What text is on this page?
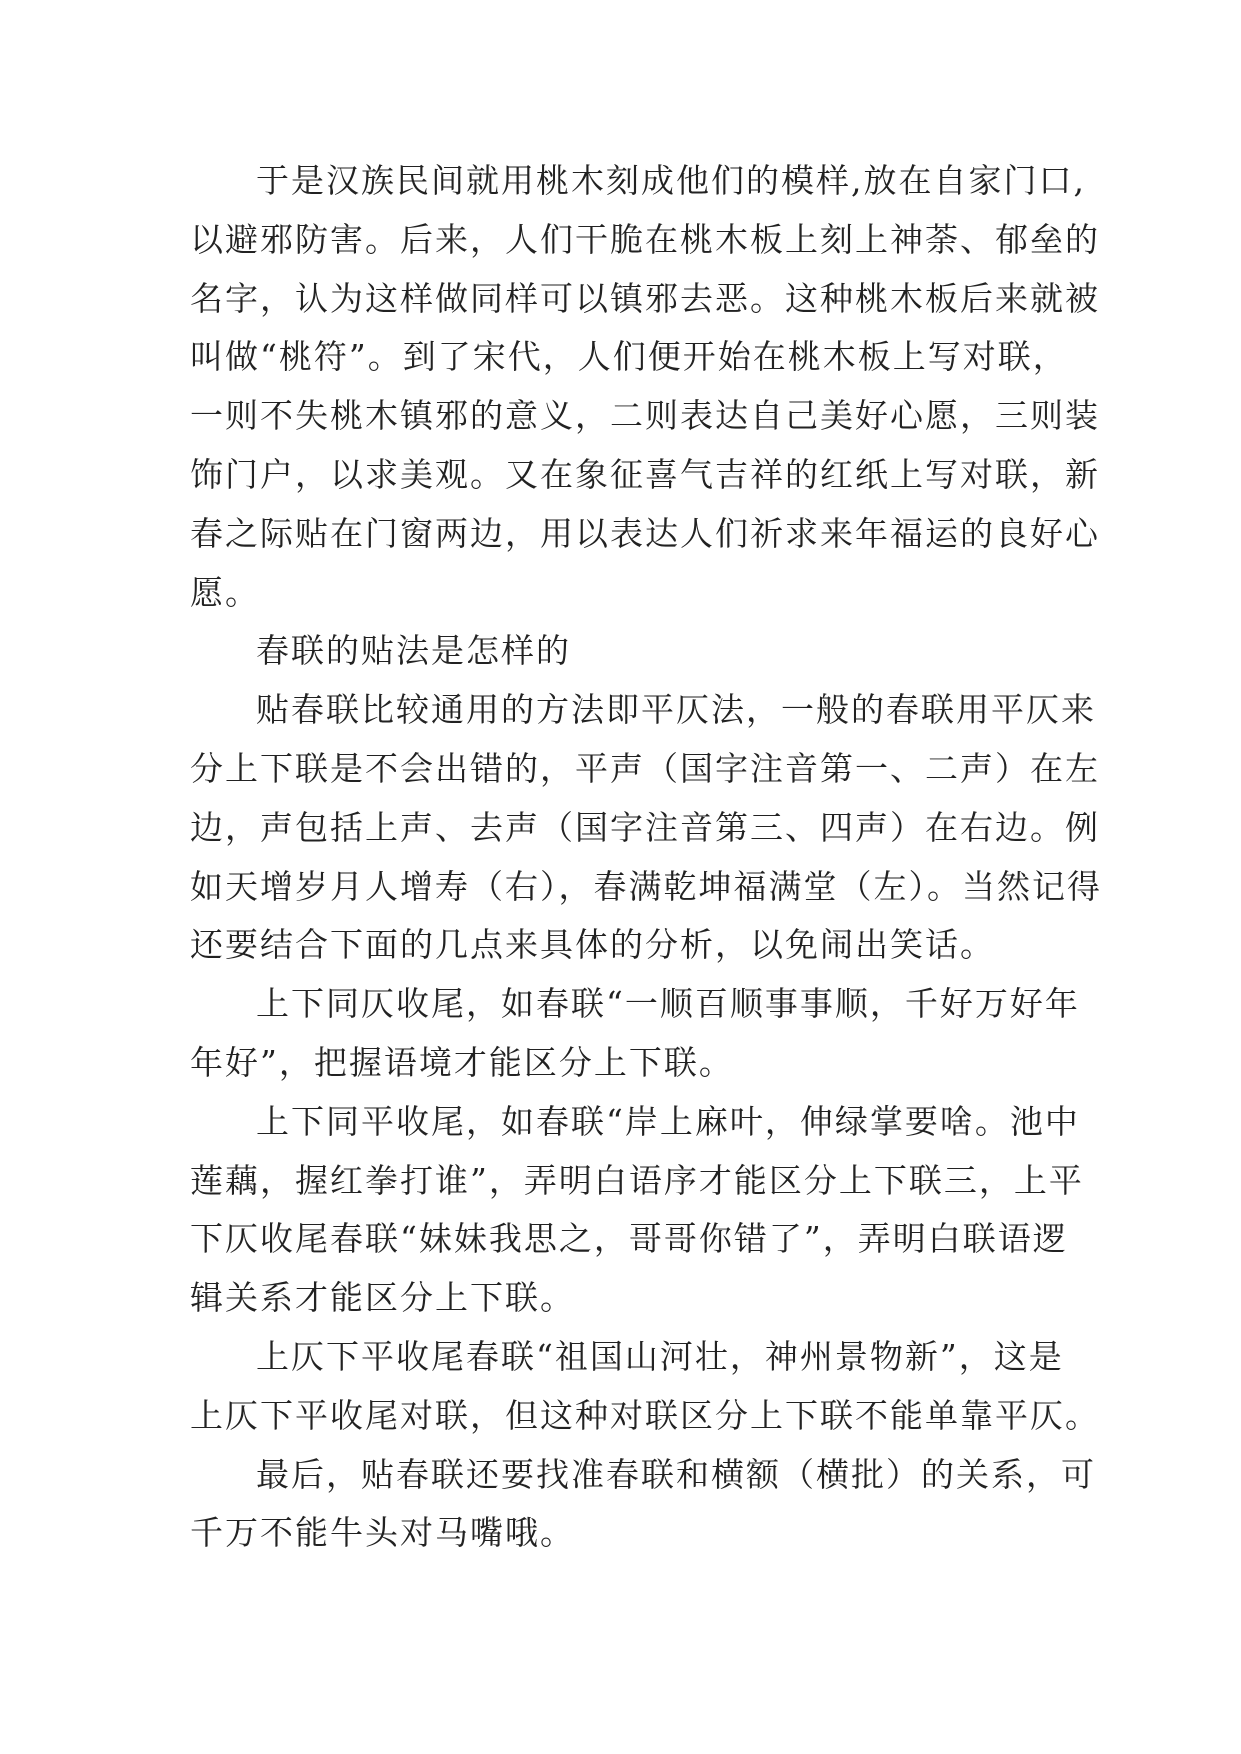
于是汉族民间就用桃木刻成他们的模样,放在自家门口,
以避邪防害。后来，人们干脆在桃木板上刻上神荼、郁垒的
名字，认为这样做同样可以镇邪去恶。这种桃木板后来就被
叫做“桃符”。到了宋代，人们便开始在桃木板上写对联，
一则不失桃木镇邪的意义，二则表达自己美好心愿，三则装
饰门户，以求美观。又在象征喜气吉祥的红纸上写对联，新
春之际贴在门窗两边，用以表达人们祈求来年福运的良好心
愿。
春联的贴法是怎样的
贴春联比较通用的方法即平仄法，一般的春联用平仄来
分上下联是不会出错的，平声（国字注音第一、二声）在左
边，声包括上声、去声（国字注音第三、四声）在右边。例
如天增岁月人增寿（右），春满乾坤福满堂（左）。当然记得
还要结合下面的几点来具体的分析，以免闹出笑话。
上下同仄收尾，如春联“一顺百顺事事顺，千好万好年
年好”，把握语境才能区分上下联。
上下同平收尾，如春联“岸上麻叶，伸绿掌要啥。池中
莲藕，握红拳打谁”，弄明白语序才能区分上下联三，上平
下仄收尾春联“妹妹我思之，哥哥你错了”，弄明白联语逻
辑关系才能区分上下联。
上仄下平收尾春联“祖国山河壮，神州景物新”，这是
上仄下平收尾对联，但这种对联区分上下联不能单靠平仄。
最后，贴春联还要找准春联和横额（横批）的关系，可
千万不能牛头对马嘴哦。
